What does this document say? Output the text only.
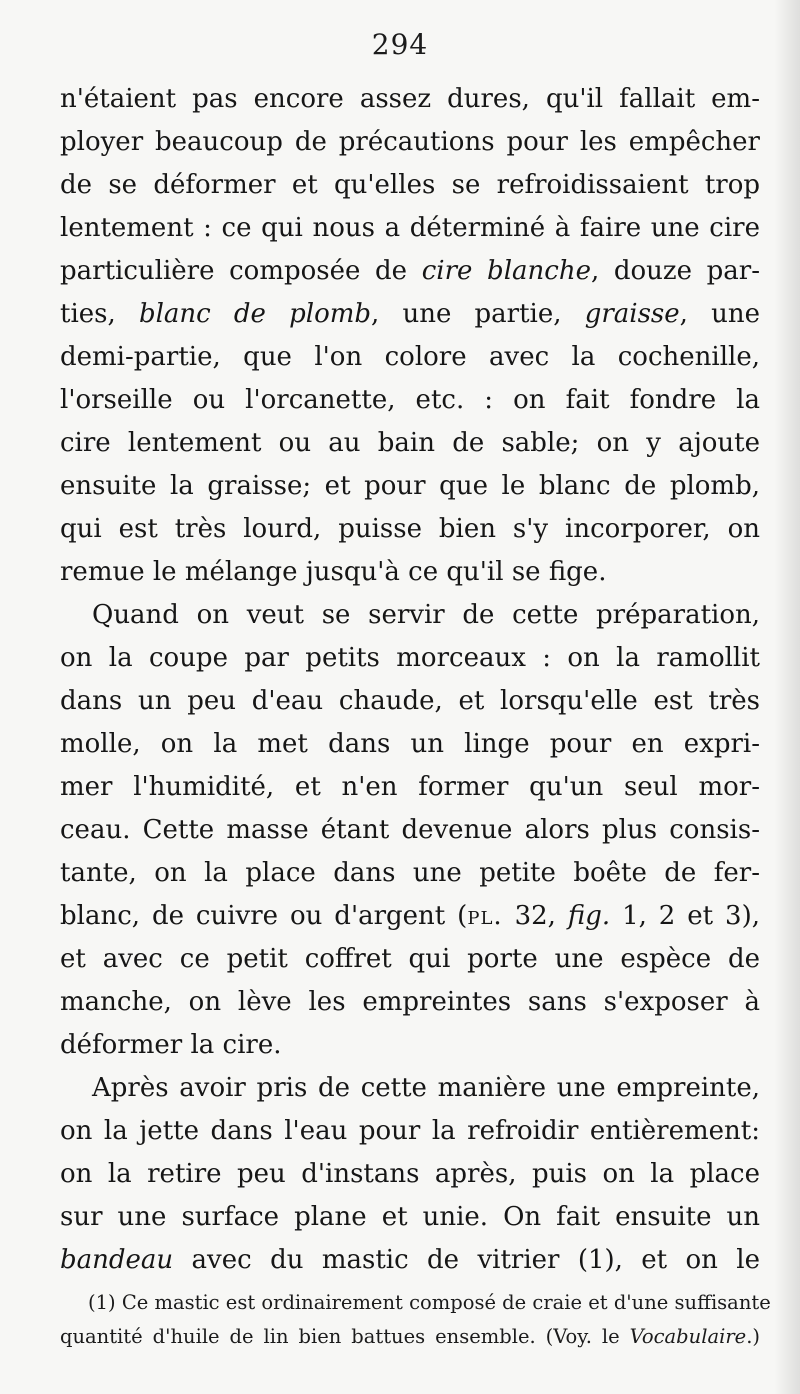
294
n'étaient pas encore assez dures, qu'il fallait em-
ployer beaucoup de précautions pour les empêcher
de se déformer et qu'elles se refroidissaient trop
lentement : ce qui nous a déterminé à faire une cire
particulière composée de cire blanche, douze par-
ties, blanc de plomb, une partie, graisse, une
demi-partie, que l'on colore avec la cochenille,
l'orseille ou l'orcanette, etc. : on fait fondre la
cire lentement ou au bain de sable; on y ajoute
ensuite la graisse; et pour que le blanc de plomb,
qui est très lourd, puisse bien s'y incorporer, on
remue le mélange jusqu'à ce qu'il se fige.
Quand on veut se servir de cette préparation,
on la coupe par petits morceaux : on la ramollit
dans un peu d'eau chaude, et lorsqu'elle est très
molle, on la met dans un linge pour en expri-
mer l'humidité, et n'en former qu'un seul mor-
ceau. Cette masse étant devenue alors plus consis-
tante, on la place dans une petite boête de fer-
blanc, de cuivre ou d'argent (pl. 32, fig. 1, 2 et 3),
et avec ce petit coffret qui porte une espèce de
manche, on lève les empreintes sans s'exposer à
déformer la cire.
Après avoir pris de cette manière une empreinte,
on la jette dans l'eau pour la refroidir entièrement:
on la retire peu d'instans après, puis on la place
sur une surface plane et unie. On fait ensuite un
bandeau avec du mastic de vitrier (1), et on le
(1) Ce mastic est ordinairement composé de craie et d'une suffisante
quantité d'huile de lin bien battues ensemble. (Voy. le Vocabulaire.)
